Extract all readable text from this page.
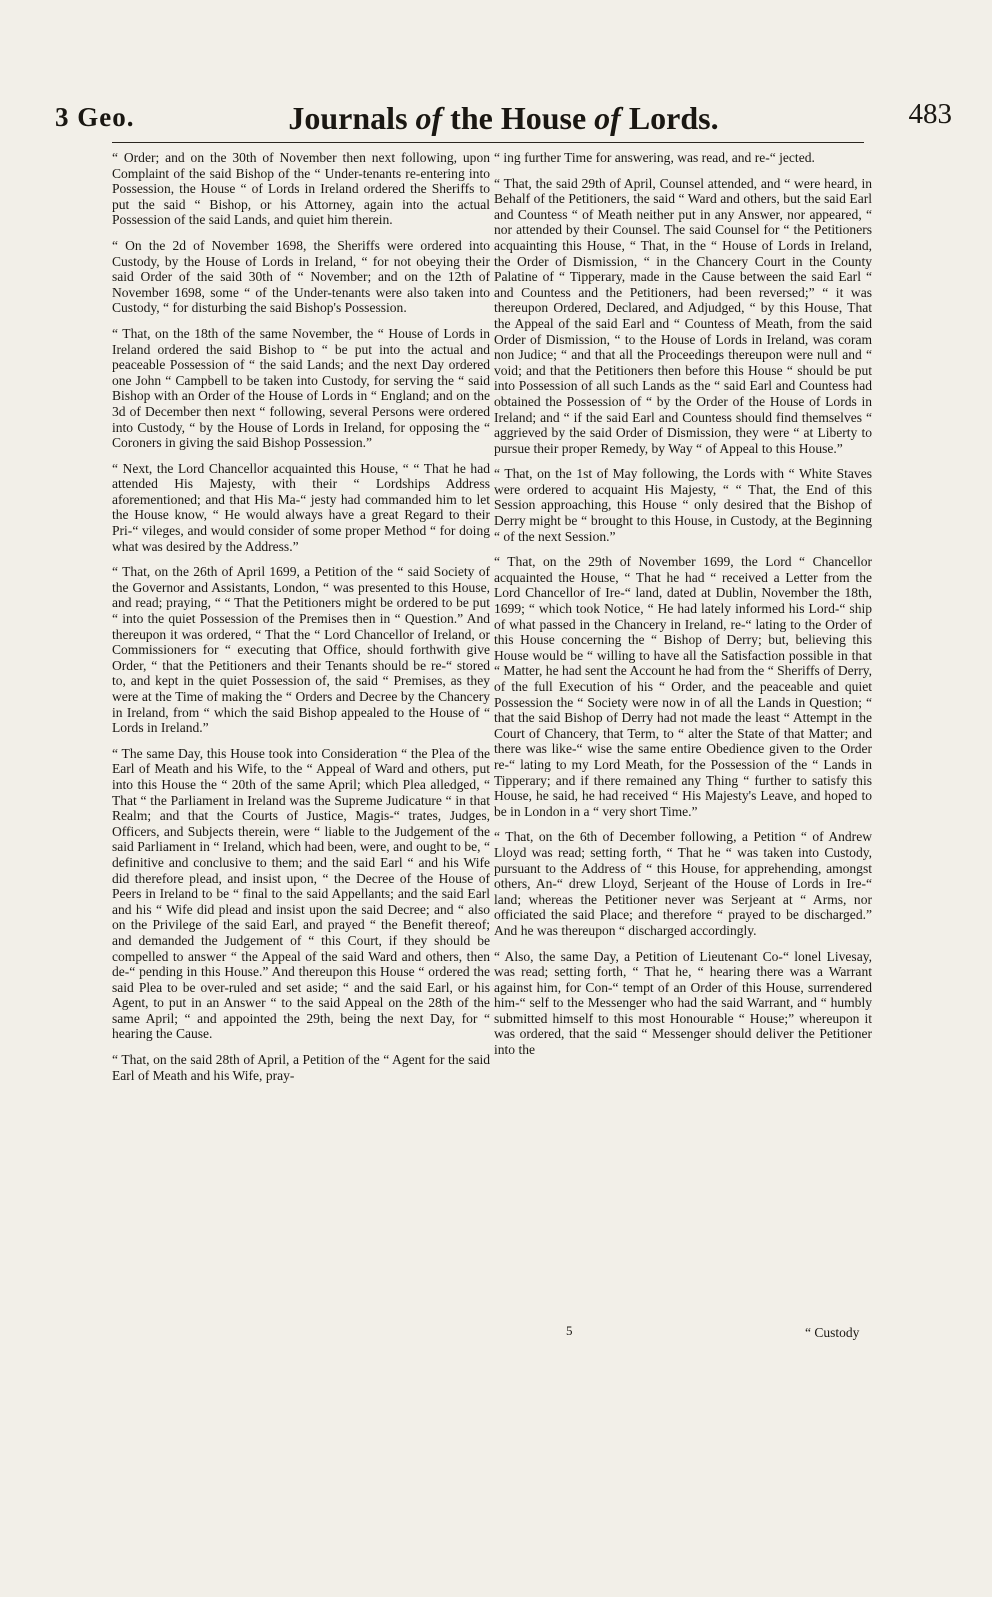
3 Geo.	Journals of the House of Lords.	483

“ Order; and on the 30th of November then next following, upon Complaint of the said Bishop of the “ Under-tenants re-entering into Possession, the House “ of Lords in Ireland ordered the Sheriffs to put the said “ Bishop, or his Attorney, again into the actual Possession of the said Lands, and quiet him therein.

“ On the 2d of November 1698, the Sheriffs were ordered into Custody, by the House of Lords in Ireland, “ for not obeying their said Order of the said 30th of “ November; and on the 12th of November 1698, some “ of the Under-tenants were also taken into Custody, “ for disturbing the said Bishop's Possession.

“ That, on the 18th of the same November, the “ House of Lords in Ireland ordered the said Bishop to “ be put into the actual and peaceable Possession of “ the said Lands; and the next Day ordered one John “ Campbell to be taken into Custody, for serving the “ said Bishop with an Order of the House of Lords in “ England; and on the 3d of December then next “ following, several Persons were ordered into Custody, “ by the House of Lords in Ireland, for opposing the “ Coroners in giving the said Bishop Possession.”

“ Next, the Lord Chancellor acquainted this House, “ “ That he had attended His Majesty, with their “ Lordships Address aforementioned; and that His Ma-“ jesty had commanded him to let the House know, “ He would always have a great Regard to their Pri-“ vileges, and would consider of some proper Method “ for doing what was desired by the Address.”

“ That, on the 26th of April 1699, a Petition of the “ said Society of the Governor and Assistants, London, “ was presented to this House, and read; praying, “ “ That the Petitioners might be ordered to be put “ into the quiet Possession of the Premises then in “ Question.” And thereupon it was ordered, “ That the “ Lord Chancellor of Ireland, or Commissioners for “ executing that Office, should forthwith give Order, “ that the Petitioners and their Tenants should be re-“ stored to, and kept in the quiet Possession of, the said “ Premises, as they were at the Time of making the “ Orders and Decree by the Chancery in Ireland, from “ which the said Bishop appealed to the House of “ Lords in Ireland.”

“ The same Day, this House took into Consideration “ the Plea of the Earl of Meath and his Wife, to the “ Appeal of Ward and others, put into this House the “ 20th of the same April; which Plea alledged, “ That “ the Parliament in Ireland was the Supreme Judicature “ in that Realm; and that the Courts of Justice, Magis-“ trates, Judges, Officers, and Subjects therein, were “ liable to the Judgement of the said Parliament in “ Ireland, which had been, were, and ought to be, “ definitive and conclusive to them; and the said Earl “ and his Wife did therefore plead, and insist upon, “ the Decree of the House of Peers in Ireland to be “ final to the said Appellants; and the said Earl and his “ Wife did plead and insist upon the said Decree; and “ also on the Privilege of the said Earl, and prayed “ the Benefit thereof; and demanded the Judgement of “ this Court, if they should be compelled to answer “ the Appeal of the said Ward and others, then de-“ pending in this House.” And thereupon this House “ ordered the said Plea to be over-ruled and set aside; “ and the said Earl, or his Agent, to put in an Answer “ to the said Appeal on the 28th of the same April; “ and appointed the 29th, being the next Day, for “ hearing the Cause.

“ That, on the said 28th of April, a Petition of the “ Agent for the said Earl of Meath and his Wife, pray-

“ ing further Time for answering, was read, and re-“ jected.

“ That, the said 29th of April, Counsel attended, and “ were heard, in Behalf of the Petitioners, the said “ Ward and others, but the said Earl and Countess “ of Meath neither put in any Answer, nor appeared, “ nor attended by their Counsel. The said Counsel for “ the Petitioners acquainting this House, “ That, in the “ House of Lords in Ireland, the Order of Dismission, “ in the Chancery Court in the County Palatine of “ Tipperary, made in the Cause between the said Earl “ and Countess and the Petitioners, had been reversed;” “ it was thereupon Ordered, Declared, and Adjudged, “ by this House, That the Appeal of the said Earl and “ Countess of Meath, from the said Order of Dismission, “ to the House of Lords in Ireland, was coram non Judice; “ and that all the Proceedings thereupon were null and “ void; and that the Petitioners then before this House “ should be put into Possession of all such Lands as the “ said Earl and Countess had obtained the Possession of “ by the Order of the House of Lords in Ireland; and “ if the said Earl and Countess should find themselves “ aggrieved by the said Order of Dismission, they were “ at Liberty to pursue their proper Remedy, by Way “ of Appeal to this House.”

“ That, on the 1st of May following, the Lords with “ White Staves were ordered to acquaint His Majesty, “ “ That, the End of this Session approaching, this House “ only desired that the Bishop of Derry might be “ brought to this House, in Custody, at the Beginning “ of the next Session.”

“ That, on the 29th of November 1699, the Lord “ Chancellor acquainted the House, “ That he had “ received a Letter from the Lord Chancellor of Ire-“ land, dated at Dublin, November the 18th, 1699; “ which took Notice, “ He had lately informed his Lord-“ ship of what passed in the Chancery in Ireland, re-“ lating to the Order of this House concerning the “ Bishop of Derry; but, believing this House would be “ willing to have all the Satisfaction possible in that “ Matter, he had sent the Account he had from the “ Sheriffs of Derry, of the full Execution of his “ Order, and the peaceable and quiet Possession the “ Society were now in of all the Lands in Question; “ that the said Bishop of Derry had not made the least “ Attempt in the Court of Chancery, that Term, to “ alter the State of that Matter; and there was like-“ wise the same entire Obedience given to the Order re-“ lating to my Lord Meath, for the Possession of the “ Lands in Tipperary; and if there remained any Thing “ further to satisfy this House, he said, he had received “ His Majesty's Leave, and hoped to be in London in a “ very short Time.”

“ That, on the 6th of December following, a Petition “ of Andrew Lloyd was read; setting forth, “ That he “ was taken into Custody, pursuant to the Address of “ this House, for apprehending, amongst others, An-“ drew Lloyd, Serjeant of the House of Lords in Ire-“ land; whereas the Petitioner never was Serjeant at “ Arms, nor officiated the said Place; and therefore “ prayed to be discharged.” And he was thereupon “ discharged accordingly.

“ Also, the same Day, a Petition of Lieutenant Co-“ lonel Livesay, was read; setting forth, “ That he, “ hearing there was a Warrant against him, for Con-“ tempt of an Order of this House, surrendered him-“ self to the Messenger who had the said Warrant, and “ humbly submitted himself to this most Honourable “ House;” whereupon it was ordered, that the said “ Messenger should deliver the Petitioner into the

5	“ Custody
